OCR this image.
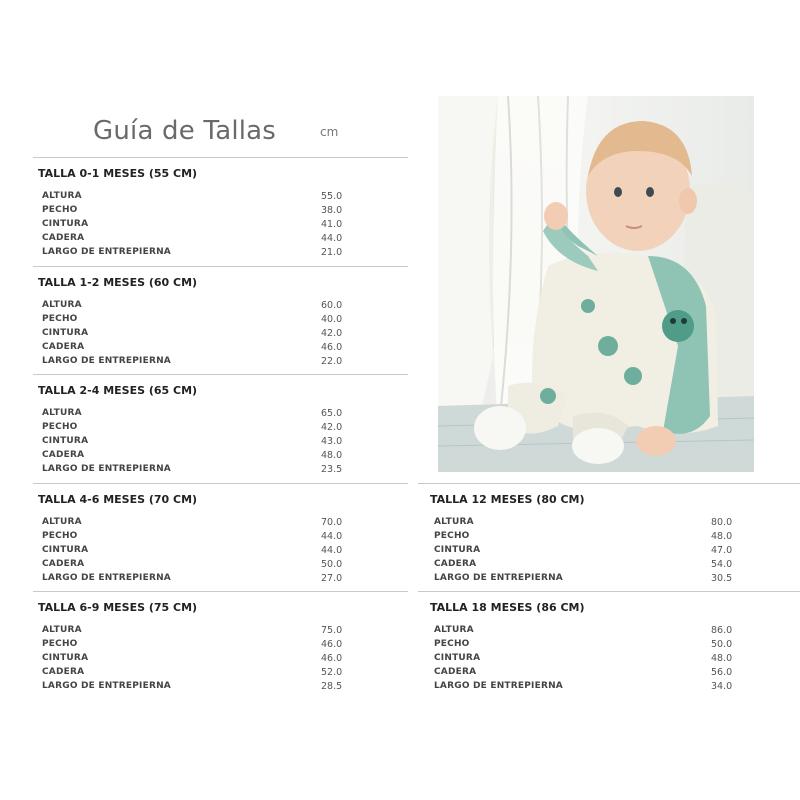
Guía de Tallas	cm
TALLA 0-1 MESES (55 CM)
ALTURA	55.0
PECHO	38.0
CINTURA	41.0
CADERA	44.0
LARGO DE ENTREPIERNA	21.0
TALLA 1-2 MESES (60 CM)
ALTURA	60.0
PECHO	40.0
CINTURA	42.0
CADERA	46.0
LARGO DE ENTREPIERNA	22.0
TALLA 2-4 MESES (65 CM)
ALTURA	65.0
PECHO	42.0
CINTURA	43.0
CADERA	48.0
LARGO DE ENTREPIERNA	23.5
TALLA 4-6 MESES (70 CM)
ALTURA	70.0
PECHO	44.0
CINTURA	44.0
CADERA	50.0
LARGO DE ENTREPIERNA	27.0
TALLA 6-9 MESES (75 CM)
ALTURA	75.0
PECHO	46.0
CINTURA	46.0
CADERA	52.0
LARGO DE ENTREPIERNA	28.5
TALLA 12 MESES (80 CM)
ALTURA	80.0
PECHO	48.0
CINTURA	47.0
CADERA	54.0
LARGO DE ENTREPIERNA	30.5
TALLA 18 MESES (86 CM)
ALTURA	86.0
PECHO	50.0
CINTURA	48.0
CADERA	56.0
LARGO DE ENTREPIERNA	34.0
